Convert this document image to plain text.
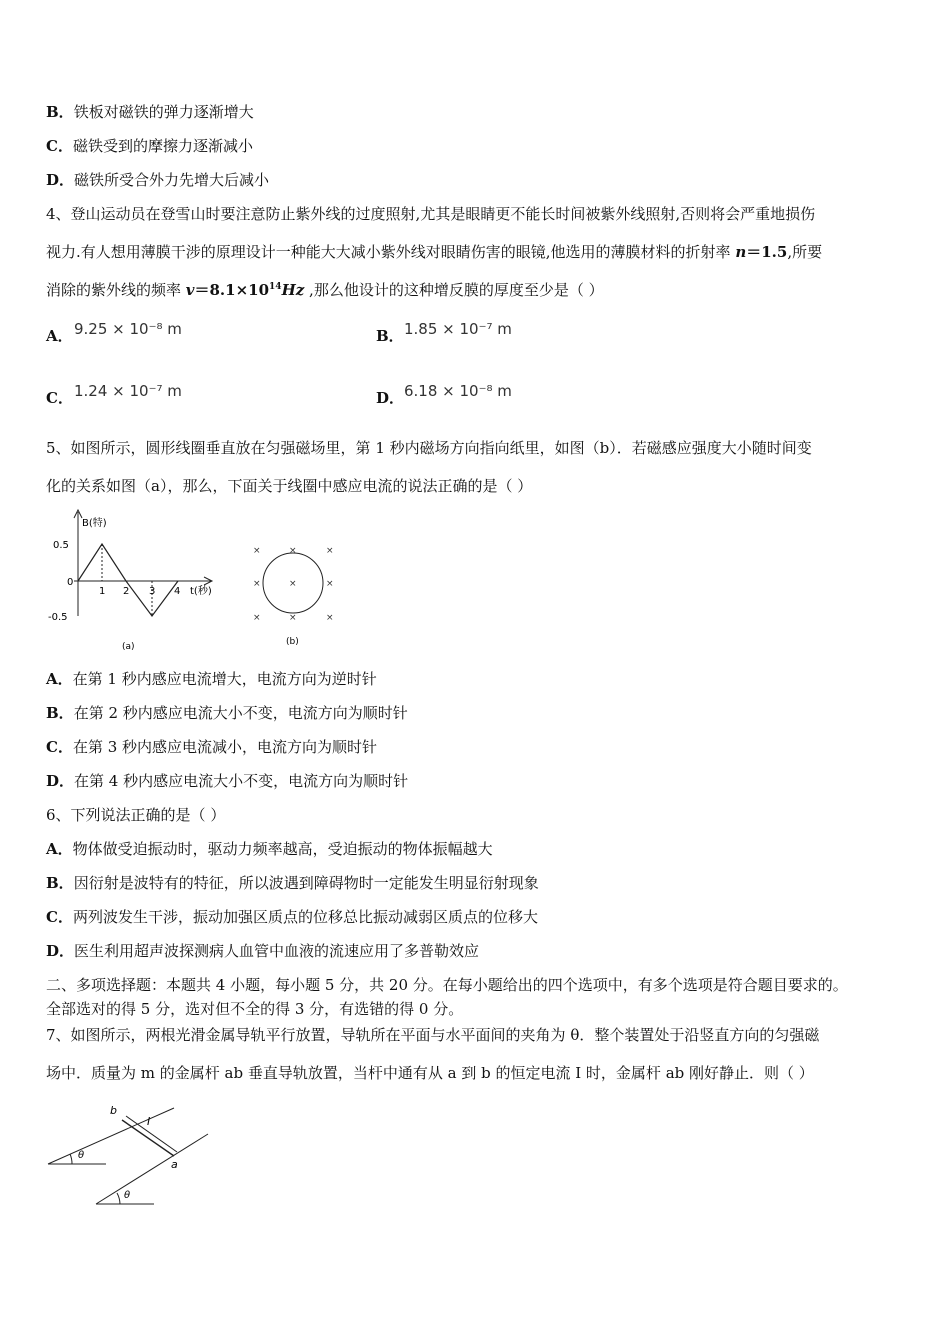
B．铁板对磁铁的弹力逐渐增大
C．磁铁受到的摩擦力逐渐减小
D．磁铁所受合外力先增大后减小
4、登山运动员在登雪山时要注意防止紫外线的过度照射,尤其是眼睛更不能长时间被紫外线照射,否则将会严重地损伤
视力.有人想用薄膜干涉的原理设计一种能大大减小紫外线对眼睛伤害的眼镜,他选用的薄膜材料的折射率 n＝1.5,所要
消除的紫外线的频率 $v=8.1\times 10^{14}Hz$ ,那么他设计的这种增反膜的厚度至少是（ ）
A． 9.25 × 10⁻⁸ m	B． 1.85 × 10⁻⁷ m
C． 1.24 × 10⁻⁷ m	D． 6.18 × 10⁻⁸ m
5、如图所示，圆形线圈垂直放在匀强磁场里，第 1 秒内磁场方向指向纸里，如图（b）．若磁感应强度大小随时间变
化的关系如图（a），那么，下面关于线圈中感应电流的说法正确的是（ ）
B(特)
t(秒)
0.5
0
-0.5
1 2 3 4
(a)
×	×	×
×	×	×
×	×	×
(b)
A．在第 1 秒内感应电流增大，电流方向为逆时针
B．在第 2 秒内感应电流大小不变，电流方向为顺时针
C．在第 3 秒内感应电流减小，电流方向为顺时针
D．在第 4 秒内感应电流大小不变，电流方向为顺时针
6、下列说法正确的是（ ）
A．物体做受迫振动时，驱动力频率越高，受迫振动的物体振幅越大
B．因衍射是波特有的特征，所以波遇到障碍物时一定能发生明显衍射现象
C．两列波发生干涉，振动加强区质点的位移总比振动减弱区质点的位移大
D．医生利用超声波探测病人血管中血液的流速应用了多普勒效应
二、多项选择题：本题共 4 小题，每小题 5 分，共 20 分。在每小题给出的四个选项中，有多个选项是符合题目要求的。
全部选对的得 5 分，选对但不全的得 3 分，有选错的得 0 分。
7、如图所示，两根光滑金属导轨平行放置，导轨所在平面与水平面间的夹角为 θ．整个装置处于沿竖直方向的匀强磁
场中．质量为 m 的金属杆 ab 垂直导轨放置，当杆中通有从 a 到 b 的恒定电流 I 时，金属杆 ab 刚好静止．则（ ）
b
a
I
θ
θ
